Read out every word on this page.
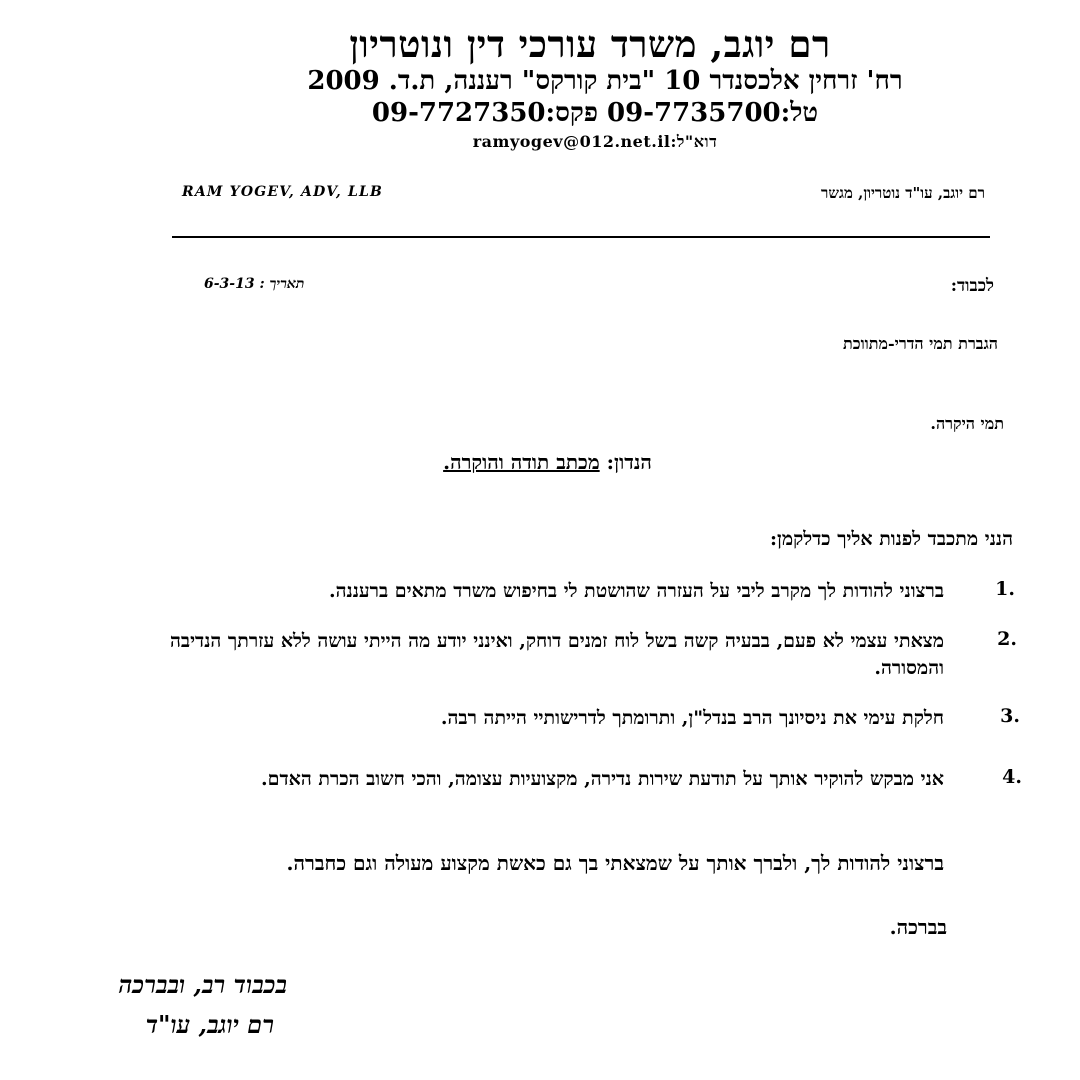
רם יוגב, משרד עורכי דין ונוטריון
רח' זרחין אלכסנדר 10 "בית קורקס" רעננה, ת.ד. 2009
טל:09-7735700 פקס:09-7727350
דוא"ל:ramyogev@012.net.il
RAM YOGEV, ADV, LLB	רם יוגב, עו"ד נוטריון, מגשר
לכבוד:
תאריך : 6-3-13
הגברת תמי הדרי-מתווכת
תמי היקרה.
הנדון: מכתב תודה והוקרה.
הנני מתכבד לפנות אליך כדלקמן:
1.
ברצוני להודות לך מקרב ליבי על העזרה שהושטת לי בחיפוש משרד מתאים ברעננה.
2.
מצאתי עצמי לא פעם, בבעיה קשה בשל לוח זמנים דוחק, ואינני יודע מה הייתי עושה ללא עזרתך הנדיבה והמסורה.
3.
חלקת עימי את ניסיונך הרב בנדל"ן, ותרומתך לדרישותיי הייתה רבה.
4.
אני מבקש להוקיר אותך על תודעת שירות נדירה, מקצועיות עצומה, והכי חשוב הכרת האדם.
ברצוני להודות לך, ולברך אותך על שמצאתי בך גם כאשת מקצוע מעולה וגם כחברה.
בברכה.
בכבוד רב, ובברכה
רם יוגב, עו"ד
